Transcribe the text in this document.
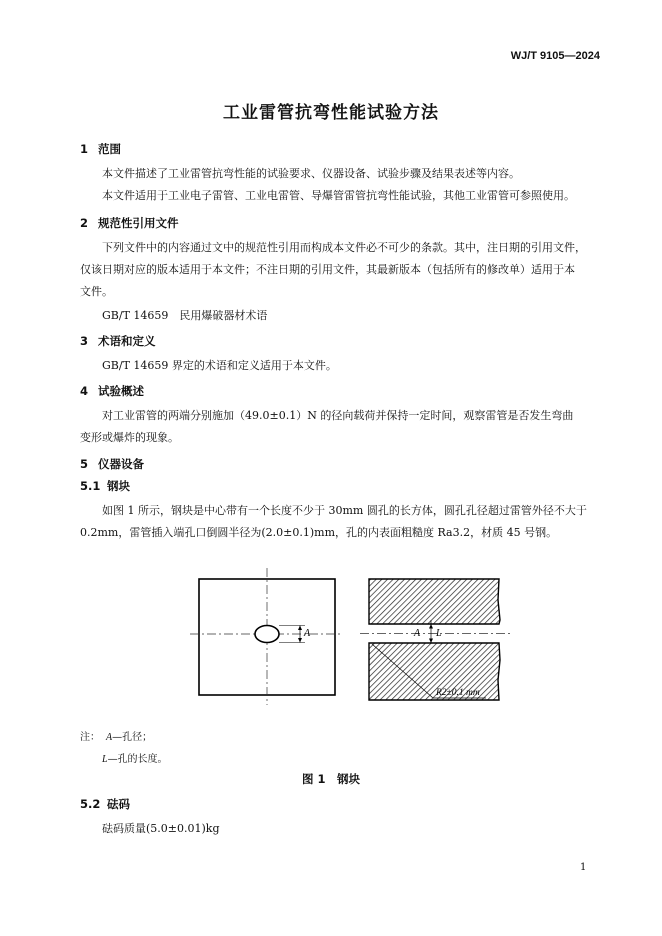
WJ/T 9105—2024
工业雷管抗弯性能试验方法
1 范围
本文件描述了工业雷管抗弯性能的试验要求、仪器设备、试验步骤及结果表述等内容。
本文件适用于工业电子雷管、工业电雷管、导爆管雷管抗弯性能试验，其他工业雷管可参照使用。
2 规范性引用文件
下列文件中的内容通过文中的规范性引用而构成本文件必不可少的条款。其中，注日期的引用文件，
仅该日期对应的版本适用于本文件；不注日期的引用文件，其最新版本（包括所有的修改单）适用于本
文件。
GB/T 14659　民用爆破器材术语
3 术语和定义
GB/T 14659 界定的术语和定义适用于本文件。
4 试验概述
对工业雷管的两端分别施加（49.0±0.1）N 的径向载荷并保持一定时间，观察雷管是否发生弯曲
变形或爆炸的现象。
5 仪器设备
5.1 钢块
如图 1 所示，钢块是中心带有一个长度不少于 30mm 圆孔的长方体，圆孔孔径超过雷管外径不大于
0.2mm，雷管插入端孔口倒圆半径为(2.0±0.1)mm，孔的内表面粗糙度 Ra3.2，材质 45 号钢。
A	A L
R2±0.1 mm
注： A—孔径；
L—孔的长度。
图 1　钢块
5.2 砝码
砝码质量(5.0±0.01)kg
1
